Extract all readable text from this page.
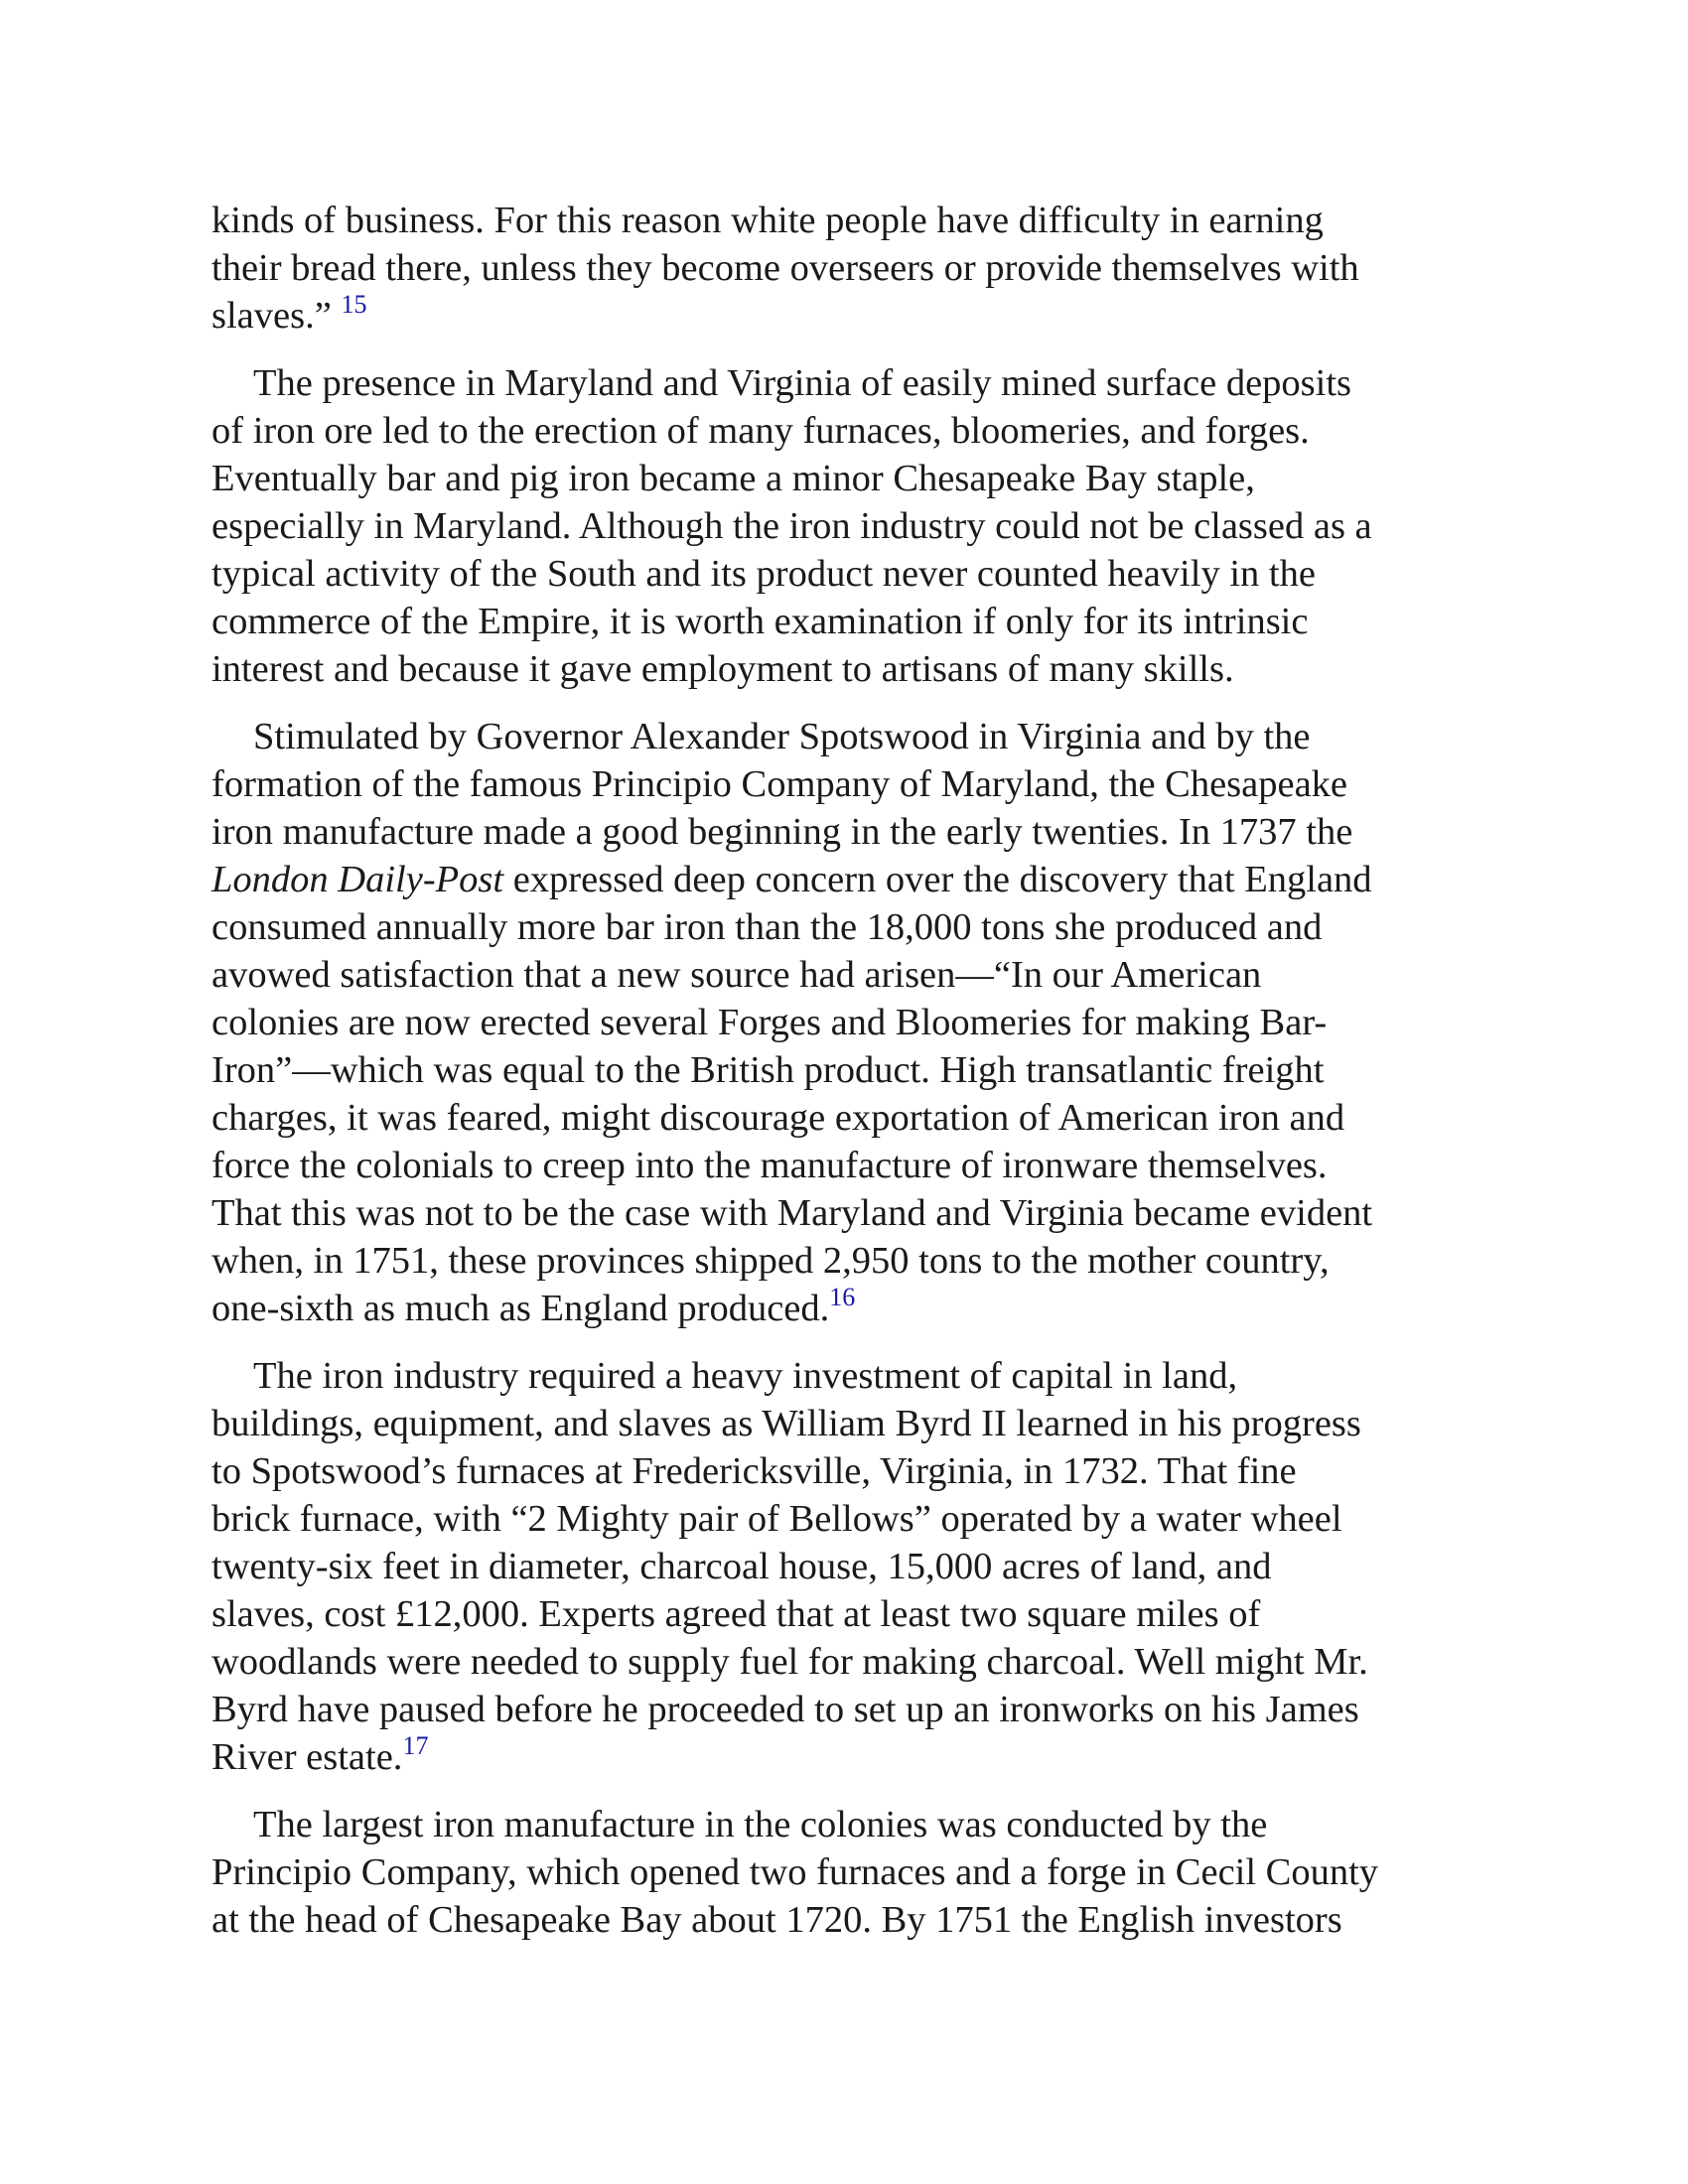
kinds of business. For this reason white people have difficulty in earning
their bread there, unless they become overseers or provide themselves with
slaves.” $^{15}$

The presence in Maryland and Virginia of easily mined surface deposits
of iron ore led to the erection of many furnaces, bloomeries, and forges.
Eventually bar and pig iron became a minor Chesapeake Bay staple,
especially in Maryland. Although the iron industry could not be classed as a
typical activity of the South and its product never counted heavily in the
commerce of the Empire, it is worth examination if only for its intrinsic
interest and because it gave employment to artisans of many skills.

Stimulated by Governor Alexander Spotswood in Virginia and by the
formation of the famous Principio Company of Maryland, the Chesapeake
iron manufacture made a good beginning in the early twenties. In 1737 the
London Daily-Post expressed deep concern over the discovery that England
consumed annually more bar iron than the 18,000 tons she produced and
avowed satisfaction that a new source had arisen—“In our American
colonies are now erected several Forges and Bloomeries for making Bar-
Iron”—which was equal to the British product. High transatlantic freight
charges, it was feared, might discourage exportation of American iron and
force the colonials to creep into the manufacture of ironware themselves.
That this was not to be the case with Maryland and Virginia became evident
when, in 1751, these provinces shipped 2,950 tons to the mother country,
one-sixth as much as England produced.$^{16}$

The iron industry required a heavy investment of capital in land,
buildings, equipment, and slaves as William Byrd II learned in his progress
to Spotswood’s furnaces at Fredericksville, Virginia, in 1732. That fine
brick furnace, with “2 Mighty pair of Bellows” operated by a water wheel
twenty-six feet in diameter, charcoal house, 15,000 acres of land, and
slaves, cost £12,000. Experts agreed that at least two square miles of
woodlands were needed to supply fuel for making charcoal. Well might Mr.
Byrd have paused before he proceeded to set up an ironworks on his James
River estate.$^{17}$

The largest iron manufacture in the colonies was conducted by the
Principio Company, which opened two furnaces and a forge in Cecil County
at the head of Chesapeake Bay about 1720. By 1751 the English investors
